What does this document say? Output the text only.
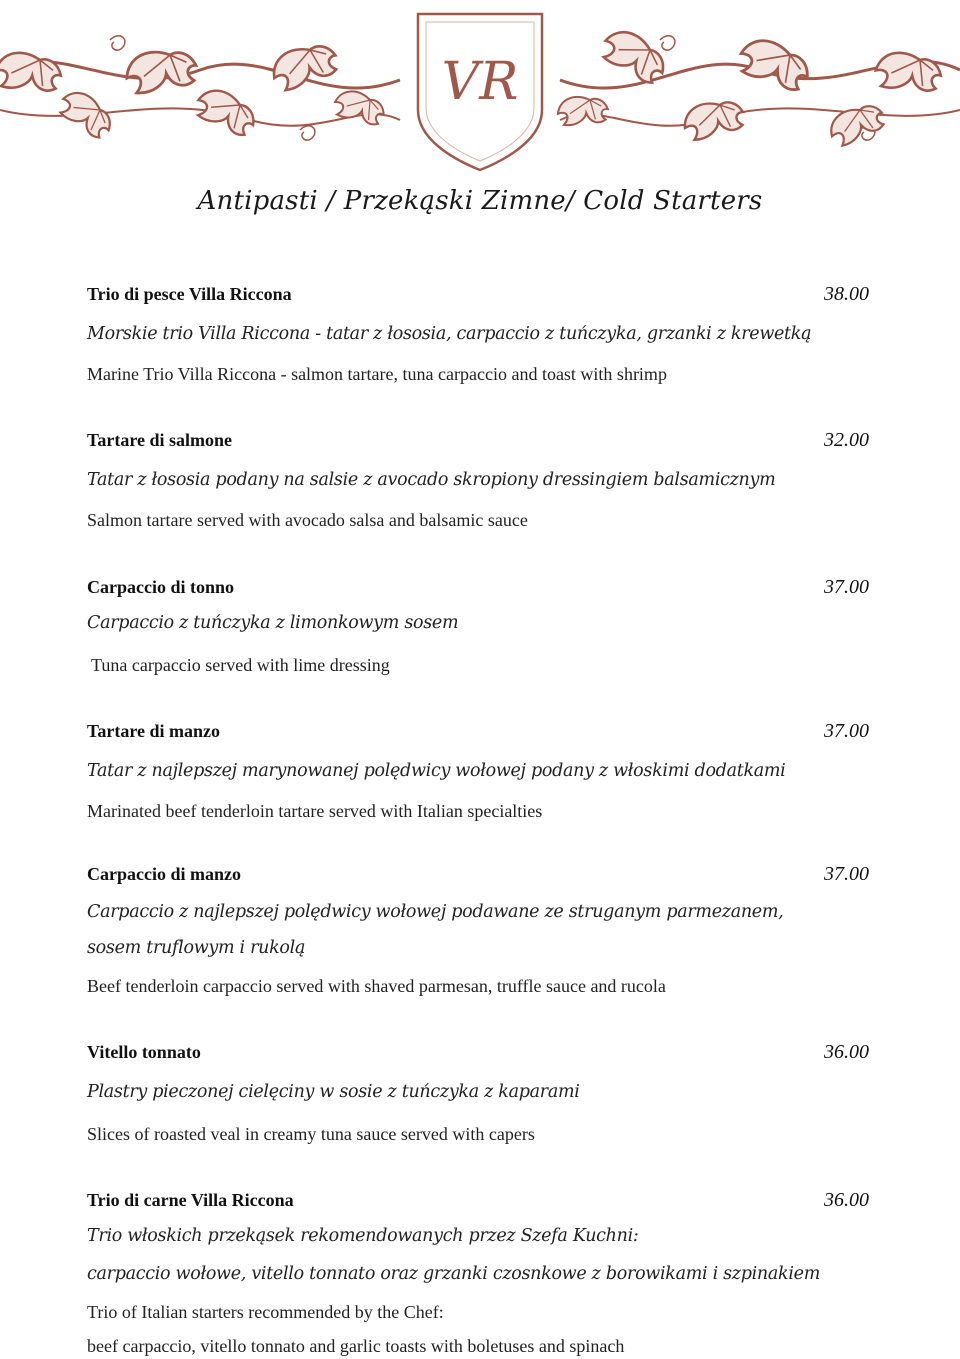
VR
Antipasti / Przekąski Zimne/ Cold Starters
Trio di pesce Villa Riccona	38.00
Morskie trio Villa Riccona - tatar z łososia, carpaccio z tuńczyka, grzanki z krewetką
Marine Trio Villa Riccona - salmon tartare, tuna carpaccio and toast with shrimp
Tartare di salmone	32.00
Tatar z łososia podany na salsie z avocado skropiony dressingiem balsamicznym
Salmon tartare served with avocado salsa and balsamic sauce
Carpaccio di tonno	37.00
Carpaccio z tuńczyka z limonkowym sosem
Tuna carpaccio served with lime dressing
Tartare di manzo	37.00
Tatar z najlepszej marynowanej polędwicy wołowej podany z włoskimi dodatkami
Marinated beef tenderloin tartare served with Italian specialties
Carpaccio di manzo	37.00
Carpaccio z najlepszej polędwicy wołowej podawane ze struganym parmezanem,
sosem truflowym i rukolą
Beef tenderloin carpaccio served with shaved parmesan, truffle sauce and rucola
Vitello tonnato	36.00
Plastry pieczonej cielęciny w sosie z tuńczyka z kaparami
Slices of roasted veal in creamy tuna sauce served with capers
Trio di carne Villa Riccona	36.00
Trio włoskich przekąsek rekomendowanych przez Szefa Kuchni:
carpaccio wołowe, vitello tonnato oraz grzanki czosnkowe z borowikami i szpinakiem
Trio of Italian starters recommended by the Chef:
beef carpaccio, vitello tonnato and garlic toasts with boletuses and spinach
